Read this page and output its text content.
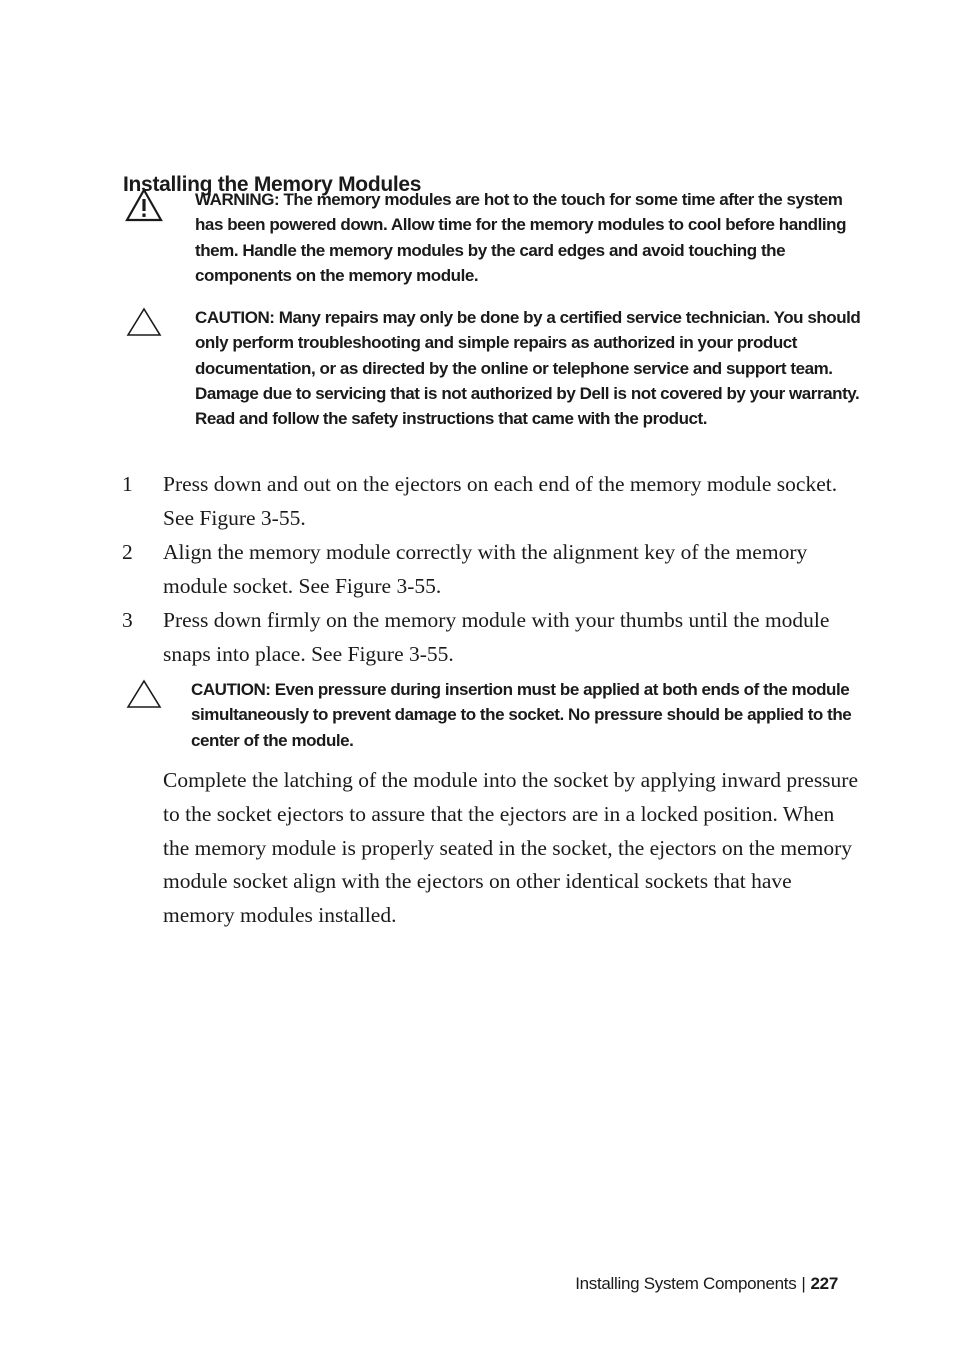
Installing the Memory Modules
WARNING: The memory modules are hot to the touch for some time after the system has been powered down. Allow time for the memory modules to cool before handling them. Handle the memory modules by the card edges and avoid touching the components on the memory module.
CAUTION: Many repairs may only be done by a certified service technician. You should only perform troubleshooting and simple repairs as authorized in your product documentation, or as directed by the online or telephone service and support team. Damage due to servicing that is not authorized by Dell is not covered by your warranty. Read and follow the safety instructions that came with the product.
1 Press down and out on the ejectors on each end of the memory module socket. See Figure 3-55.
2 Align the memory module correctly with the alignment key of the memory module socket. See Figure 3-55.
3 Press down firmly on the memory module with your thumbs until the module snaps into place. See Figure 3-55.
CAUTION: Even pressure during insertion must be applied at both ends of the module simultaneously to prevent damage to the socket. No pressure should be applied to the center of the module.

Complete the latching of the module into the socket by applying inward pressure to the socket ejectors to assure that the ejectors are in a locked position. When the memory module is properly seated in the socket, the ejectors on the memory module socket align with the ejectors on other identical sockets that have memory modules installed.

Installing System Components | 227
